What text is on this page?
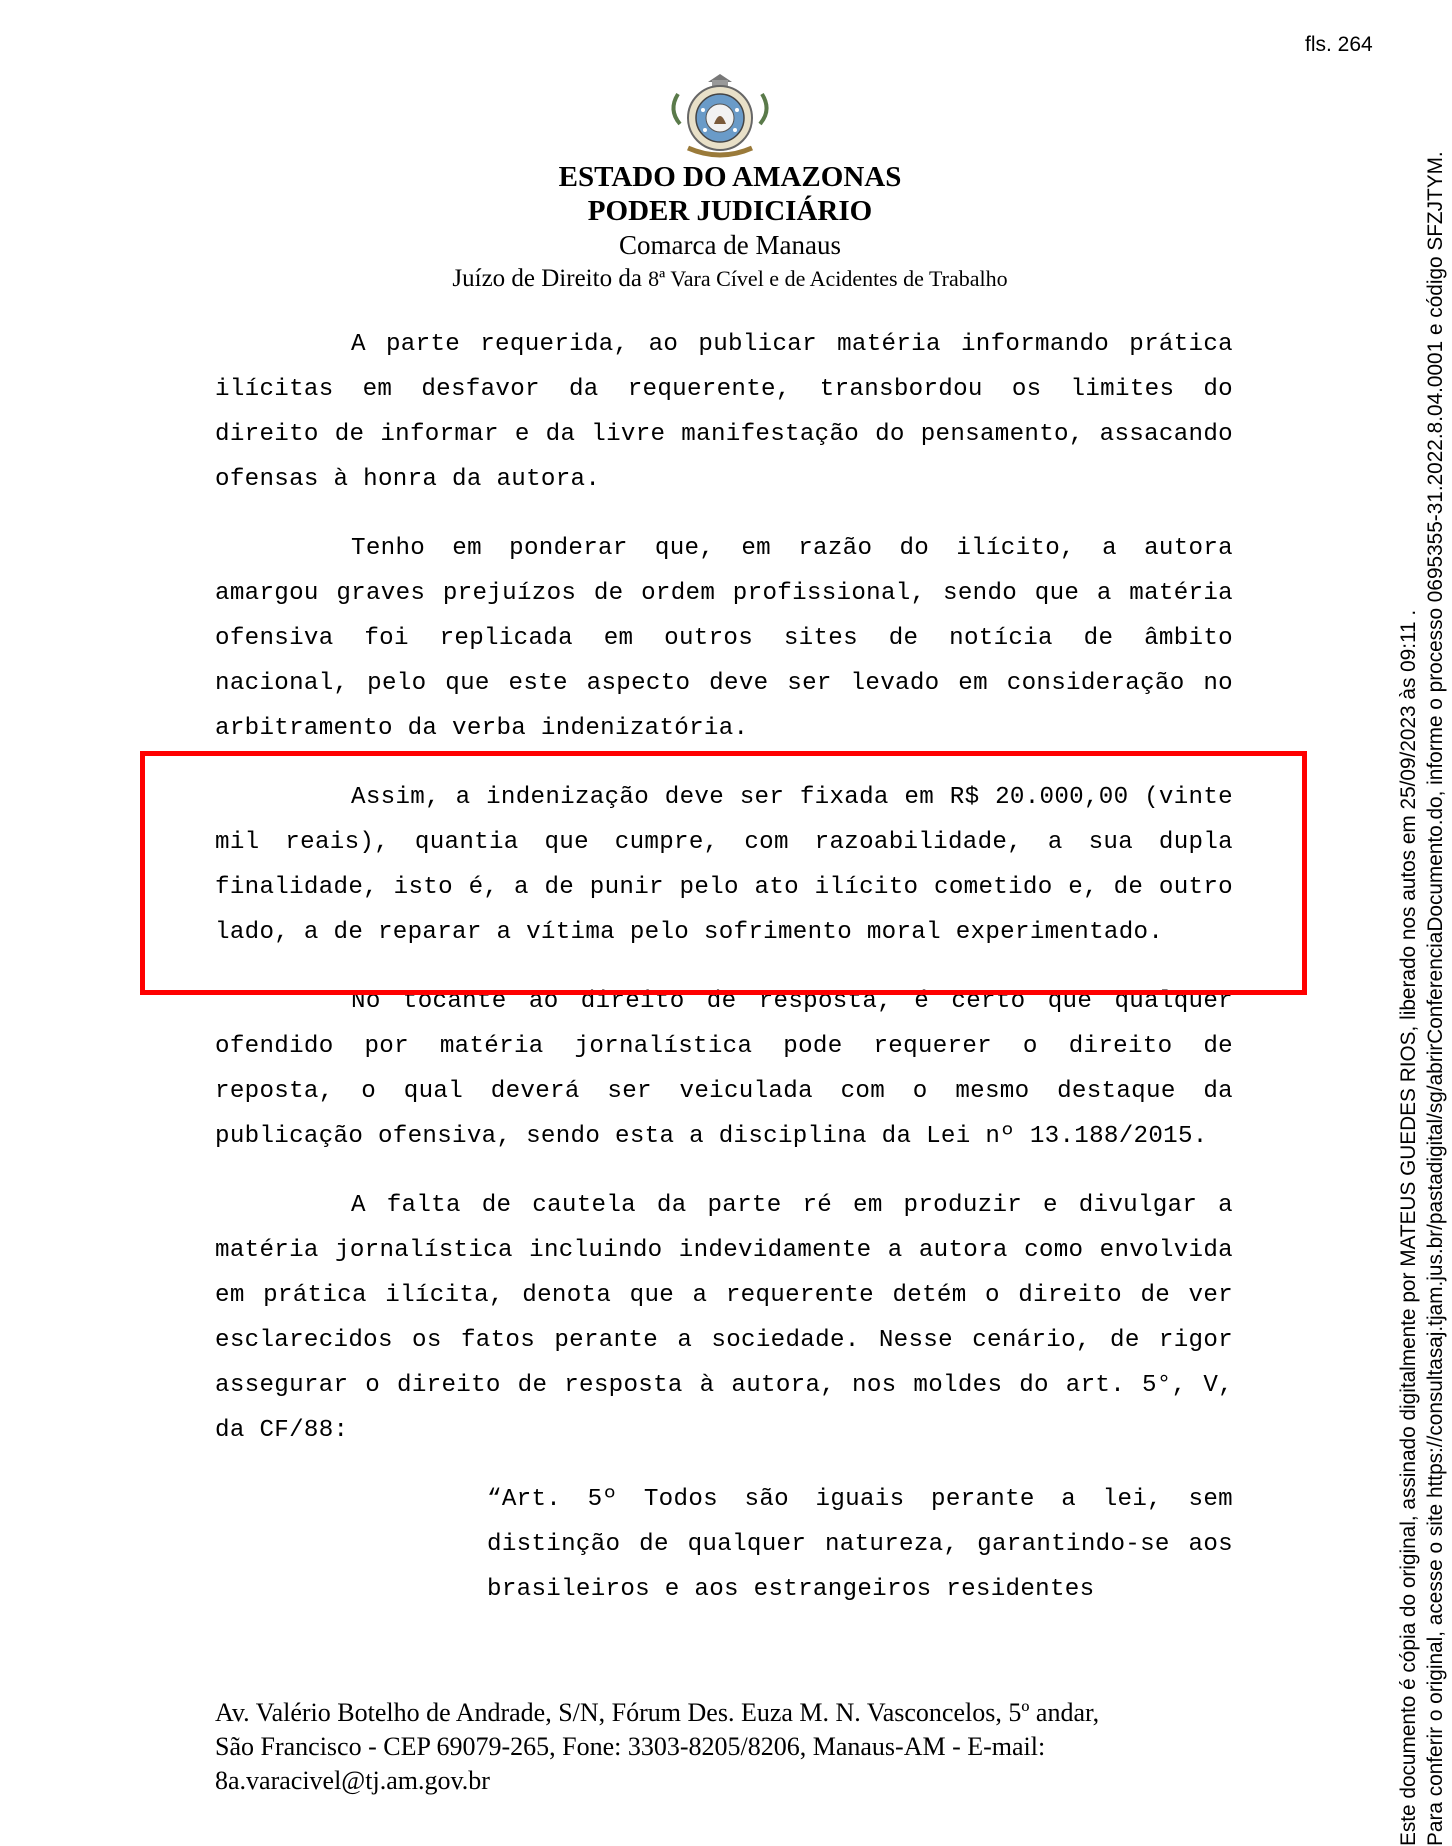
fls. 264
ESTADO DO AMAZONAS
PODER JUDICIÁRIO
Comarca de Manaus
Juízo de Direito da 8ª Vara Cível e de Acidentes de Trabalho

A parte requerida, ao publicar matéria informando prática ilícitas em desfavor da requerente, transbordou os limites do direito de informar e da livre manifestação do pensamento, assacando ofensas à honra da autora.

Tenho em ponderar que, em razão do ilícito, a autora amargou graves prejuízos de ordem profissional, sendo que a matéria ofensiva foi replicada em outros sites de notícia de âmbito nacional, pelo que este aspecto deve ser levado em consideração no arbitramento da verba indenizatória.

Assim, a indenização deve ser fixada em R$ 20.000,00 (vinte mil reais), quantia que cumpre, com razoabilidade, a sua dupla finalidade, isto é, a de punir pelo ato ilícito cometido e, de outro lado, a de reparar a vítima pelo sofrimento moral experimentado.

No tocante ao direito de resposta, é certo que qualquer ofendido por matéria jornalística pode requerer o direito de reposta, o qual deverá ser veiculada com o mesmo destaque da publicação ofensiva, sendo esta a disciplina da Lei nº 13.188/2015.

A falta de cautela da parte ré em produzir e divulgar a matéria jornalística incluindo indevidamente a autora como envolvida em prática ilícita, denota que a requerente detém o direito de ver esclarecidos os fatos perante a sociedade. Nesse cenário, de rigor assegurar o direito de resposta à autora, nos moldes do art. 5°, V, da CF/88:

“Art. 5º Todos são iguais perante a lei, sem distinção de qualquer natureza, garantindo-se aos brasileiros e aos estrangeiros residentes

Av. Valério Botelho de Andrade, S/N, Fórum Des. Euza M. N. Vasconcelos, 5º andar,
São Francisco - CEP 69079-265, Fone: 3303-8205/8206, Manaus-AM - E-mail:
8a.varacivel@tj.am.gov.br	Este documento é cópia do original, assinado digitalmente por MATEUS GUEDES RIOS, liberado nos autos em 25/09/2023 às 09:11 . Para conferir o original, acesse o site https://consultasaj.tjam.jus.br/pastadigital/sg/abrirConferenciaDocumento.do, informe o processo 0695355-31.2022.8.04.0001 e código SFZJTYM.
